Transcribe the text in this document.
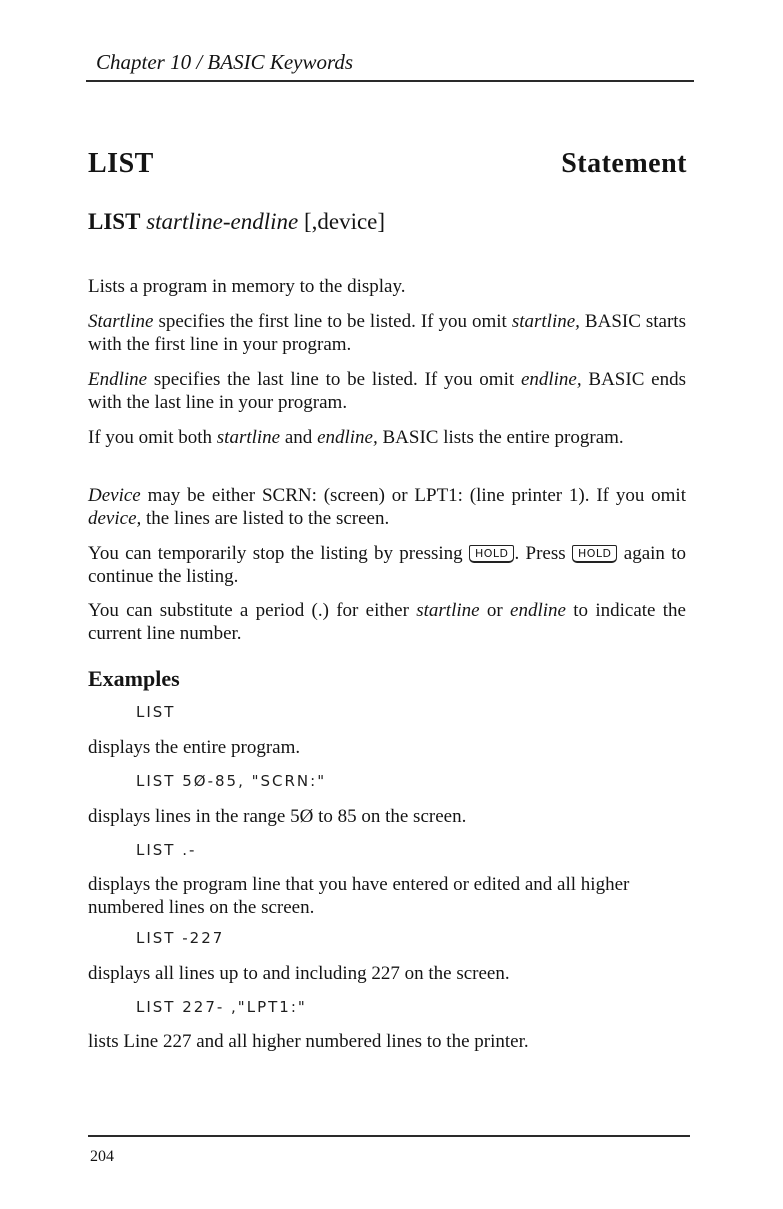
Chapter 10 / BASIC Keywords
LIST	Statement
LIST startline-endline [,device]
Lists a program in memory to the display.
Startline specifies the first line to be listed. If you omit startline, BASIC starts with the first line in your program.
Endline specifies the last line to be listed. If you omit endline, BASIC ends with the last line in your program.
If you omit both startline and endline, BASIC lists the entire program.
Device may be either SCRN: (screen) or LPT1: (line printer 1). If you omit device, the lines are listed to the screen.
You can temporarily stop the listing by pressing HOLD . Press HOLD again to continue the listing.
You can substitute a period (.) for either startline or endline to indicate the current line number.
Examples
LIST
displays the entire program.
LIST 5Ø-85, "SCRN:"
displays lines in the range 5Ø to 85 on the screen.
LIST .-
displays the program line that you have entered or edited and all higher numbered lines on the screen.
LIST -227
displays all lines up to and including 227 on the screen.
LIST 227- ,"LPT1:"
lists Line 227 and all higher numbered lines to the printer.
204
